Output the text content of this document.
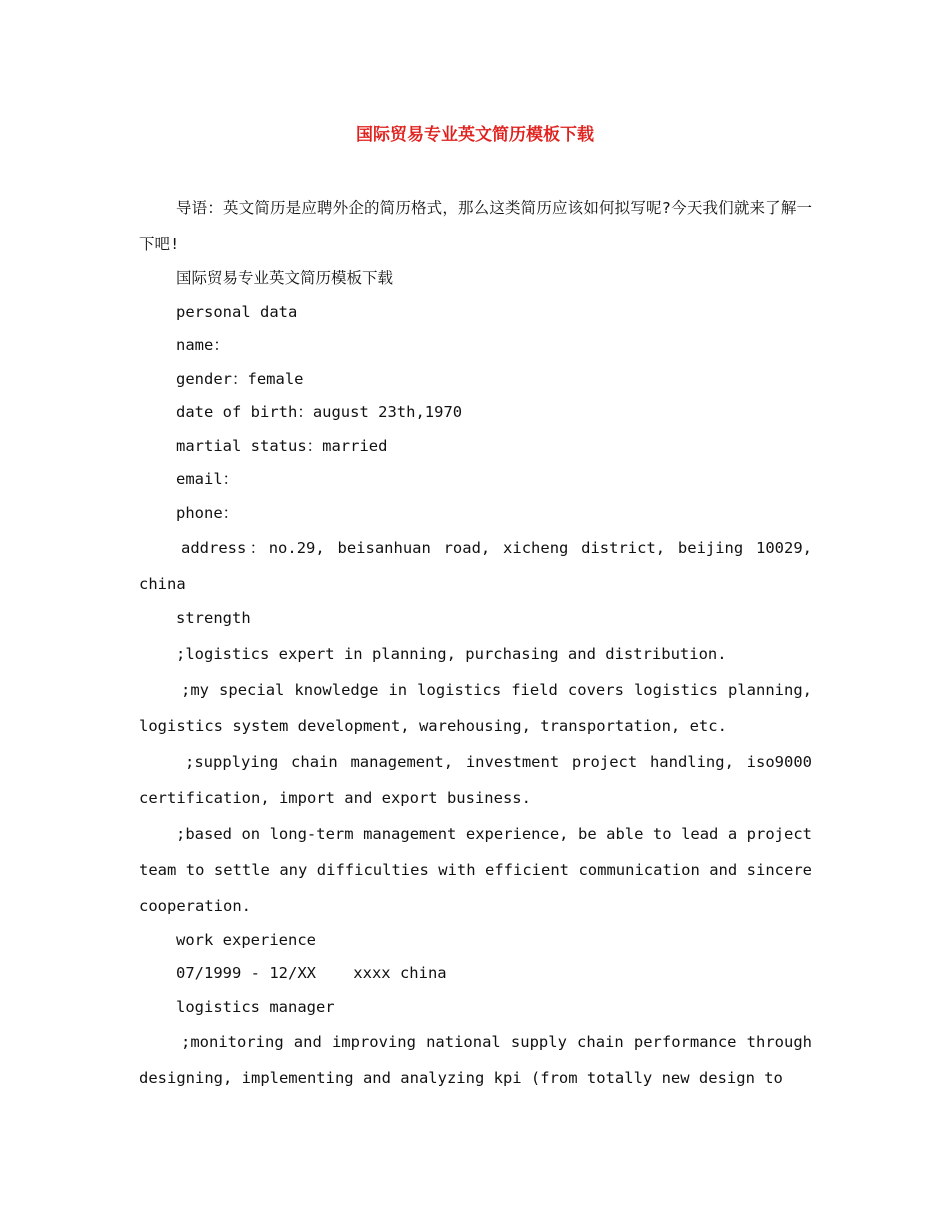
国际贸易专业英文简历模板下载

导语：英文简历是应聘外企的简历格式，那么这类简历应该如何拟写呢?今天我们就来了解一下吧!

国际贸易专业英文简历模板下载

personal data

name：

gender：female

date of birth：august 23th,1970

martial status：married

email：

phone：

address：no.29, beisanhuan road, xicheng district, beijing 10029, china

strength

;logistics expert in planning, purchasing and distribution.

;my special knowledge in logistics field covers logistics planning, logistics system development, warehousing, transportation, etc.

;supplying chain management, investment project handling, iso9000 certification, import and export business.

;based on long-term management experience, be able to lead a project team to settle any difficulties with efficient communication and sincere cooperation.

work experience

07/1999 - 12/XX    xxxx china

logistics manager

;monitoring and improving national supply chain performance through designing, implementing and analyzing kpi (from totally new design to
